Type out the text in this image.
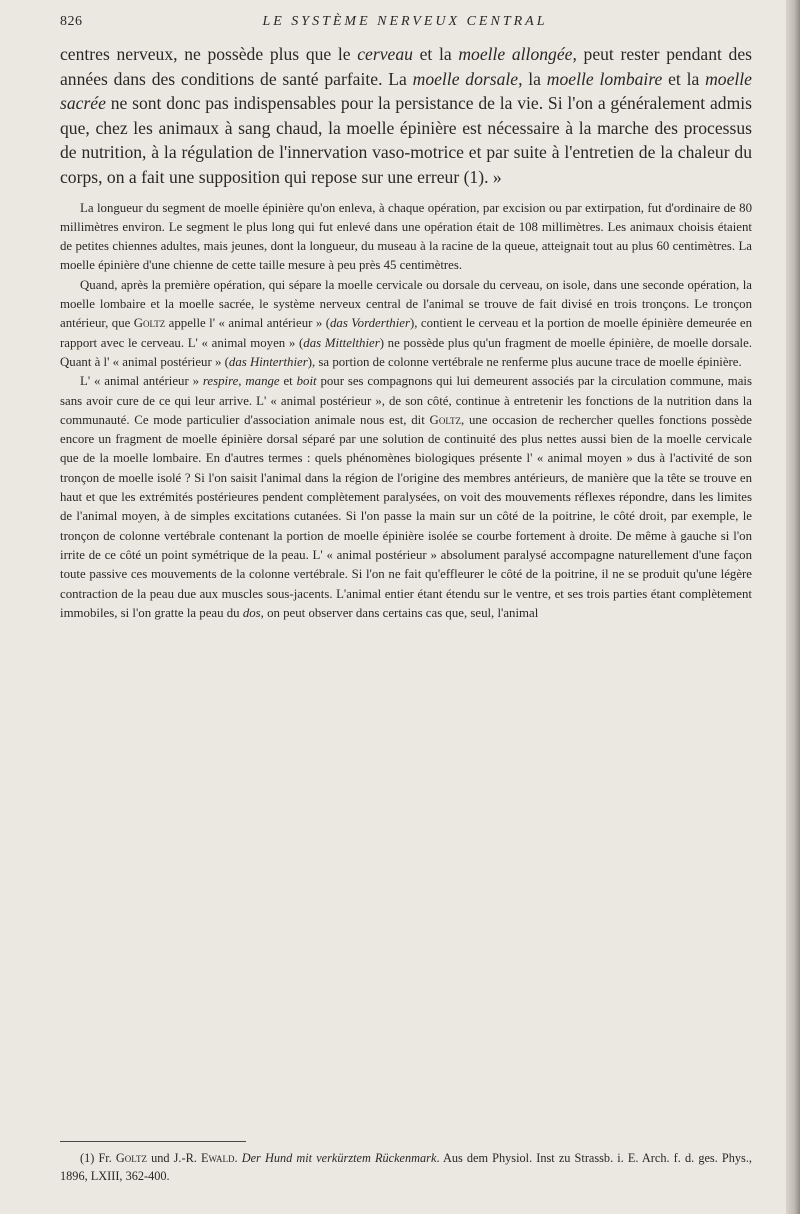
826	LE SYSTÈME NERVEUX CENTRAL

centres nerveux, ne possède plus que le cerveau et la moelle allongée, peut rester pendant des années dans des conditions de santé parfaite. La moelle dorsale, la moelle lombaire et la moelle sacrée ne sont donc pas indispensables pour la persistance de la vie. Si l'on a généralement admis que, chez les animaux à sang chaud, la moelle épinière est nécessaire à la marche des processus de nutrition, à la régulation de l'innervation vaso-motrice et par suite à l'entretien de la chaleur du corps, on a fait une supposition qui repose sur une erreur (1). »

La longueur du segment de moelle épinière qu'on enleva, à chaque opération, par excision ou par extirpation, fut d'ordinaire de 80 millimètres environ. Le segment le plus long qui fut enlevé dans une opération était de 108 millimètres. Les animaux choisis étaient de petites chiennes adultes, mais jeunes, dont la longueur, du museau à la racine de la queue, atteignait tout au plus 60 centimètres. La moelle épinière d'une chienne de cette taille mesure à peu près 45 centimètres.

Quand, après la première opération, qui sépare la moelle cervicale ou dorsale du cerveau, on isole, dans une seconde opération, la moelle lombaire et la moelle sacrée, le système nerveux central de l'animal se trouve de fait divisé en trois tronçons. Le tronçon antérieur, que Goltz appelle l' « animal antérieur » (das Vorderthier), contient le cerveau et la portion de moelle épinière demeurée en rapport avec le cerveau. L' « animal moyen » (das Mittelthier) ne possède plus qu'un fragment de moelle épinière, de moelle dorsale. Quant à l' « animal postérieur » (das Hinterthier), sa portion de colonne vertébrale ne renferme plus aucune trace de moelle épinière.

L' « animal antérieur » respire, mange et boit pour ses compagnons qui lui demeurent associés par la circulation commune, mais sans avoir cure de ce qui leur arrive. L' « animal postérieur », de son côté, continue à entretenir les fonctions de la nutrition dans la communauté. Ce mode particulier d'association animale nous est, dit Goltz, une occasion de rechercher quelles fonctions possède encore un fragment de moelle épinière dorsal séparé par une solution de continuité des plus nettes aussi bien de la moelle cervicale que de la moelle lombaire. En d'autres termes : quels phénomènes biologiques présente l' « animal moyen » dus à l'activité de son tronçon de moelle isolé ? Si l'on saisit l'animal dans la région de l'origine des membres antérieurs, de manière que la tête se trouve en haut et que les extrémités postérieures pendent complètement paralysées, on voit des mouvements réflexes répondre, dans les limites de l'animal moyen, à de simples excitations cutanées. Si l'on passe la main sur un côté de la poitrine, le côté droit, par exemple, le tronçon de colonne vertébrale contenant la portion de moelle épinière isolée se courbe fortement à droite. De même à gauche si l'on irrite de ce côté un point symétrique de la peau. L' « animal postérieur » absolument paralysé accompagne naturellement d'une façon toute passive ces mouvements de la colonne vertébrale. Si l'on ne fait qu'effleurer le côté de la poitrine, il ne se produit qu'une légère contraction de la peau due aux muscles sous-jacents. L'animal entier étant étendu sur le ventre, et ses trois parties étant complètement immobiles, si l'on gratte la peau du dos, on peut observer dans certains cas que, seul, l'animal

(1) Fr. Goltz und J.-R. Ewald. Der Hund mit verkürztem Rückenmark. Aus dem Physiol. Inst zu Strassb. i. E. Arch. f. d. ges. Phys., 1896, LXIII, 362-400.
